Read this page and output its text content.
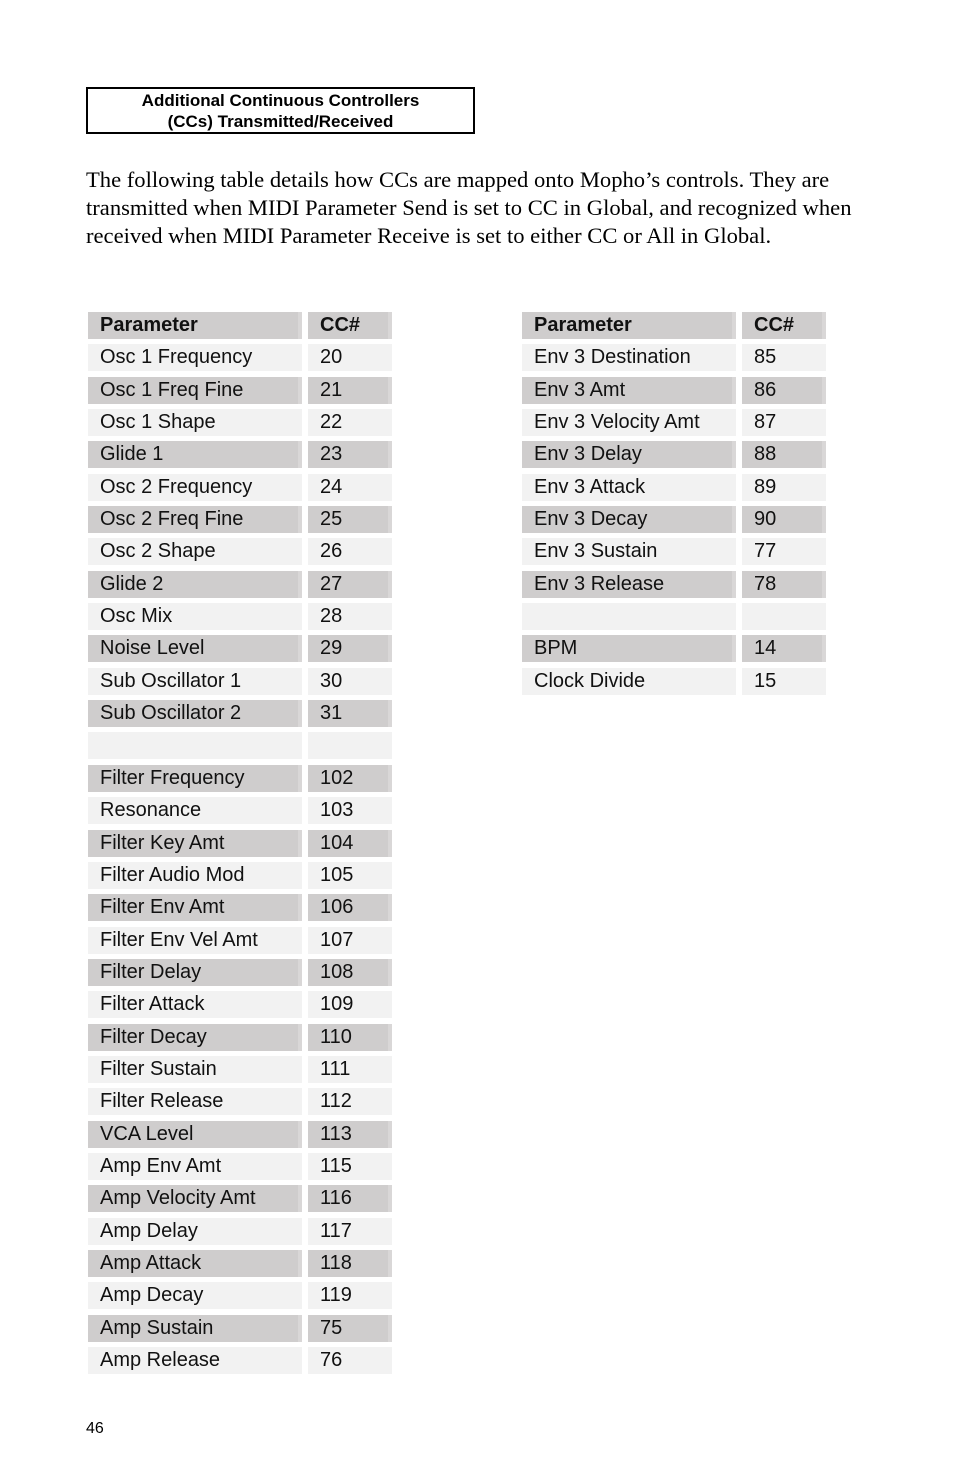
Additional Continuous Controllers
(CCs) Transmitted/Received

The following table details how CCs are mapped onto Mopho’s controls. They are transmitted when MIDI Parameter Send is set to CC in Global, and recognized when received when MIDI Parameter Receive is set to either CC or All in Global.

Parameter	CC#
Osc 1 Frequency	20
Osc 1 Freq Fine	21
Osc 1 Shape	22
Glide 1	23
Osc 2 Frequency	24
Osc 2 Freq Fine	25
Osc 2 Shape	26
Glide 2	27
Osc Mix	28
Noise Level	29
Sub Oscillator 1	30
Sub Oscillator 2	31
Filter Frequency	102
Resonance	103
Filter Key Amt	104
Filter Audio Mod	105
Filter Env Amt	106
Filter Env Vel Amt	107
Filter Delay	108
Filter Attack	109
Filter Decay	110
Filter Sustain	111
Filter Release	112
VCA Level	113
Amp Env Amt	115
Amp Velocity Amt	116
Amp Delay	117
Amp Attack	118
Amp Decay	119
Amp Sustain	75
Amp Release	76
Parameter	CC#
Env 3 Destination	85
Env 3 Amt	86
Env 3 Velocity Amt	87
Env 3 Delay	88
Env 3 Attack	89
Env 3 Decay	90
Env 3 Sustain	77
Env 3 Release	78
BPM	14
Clock Divide	15
46
